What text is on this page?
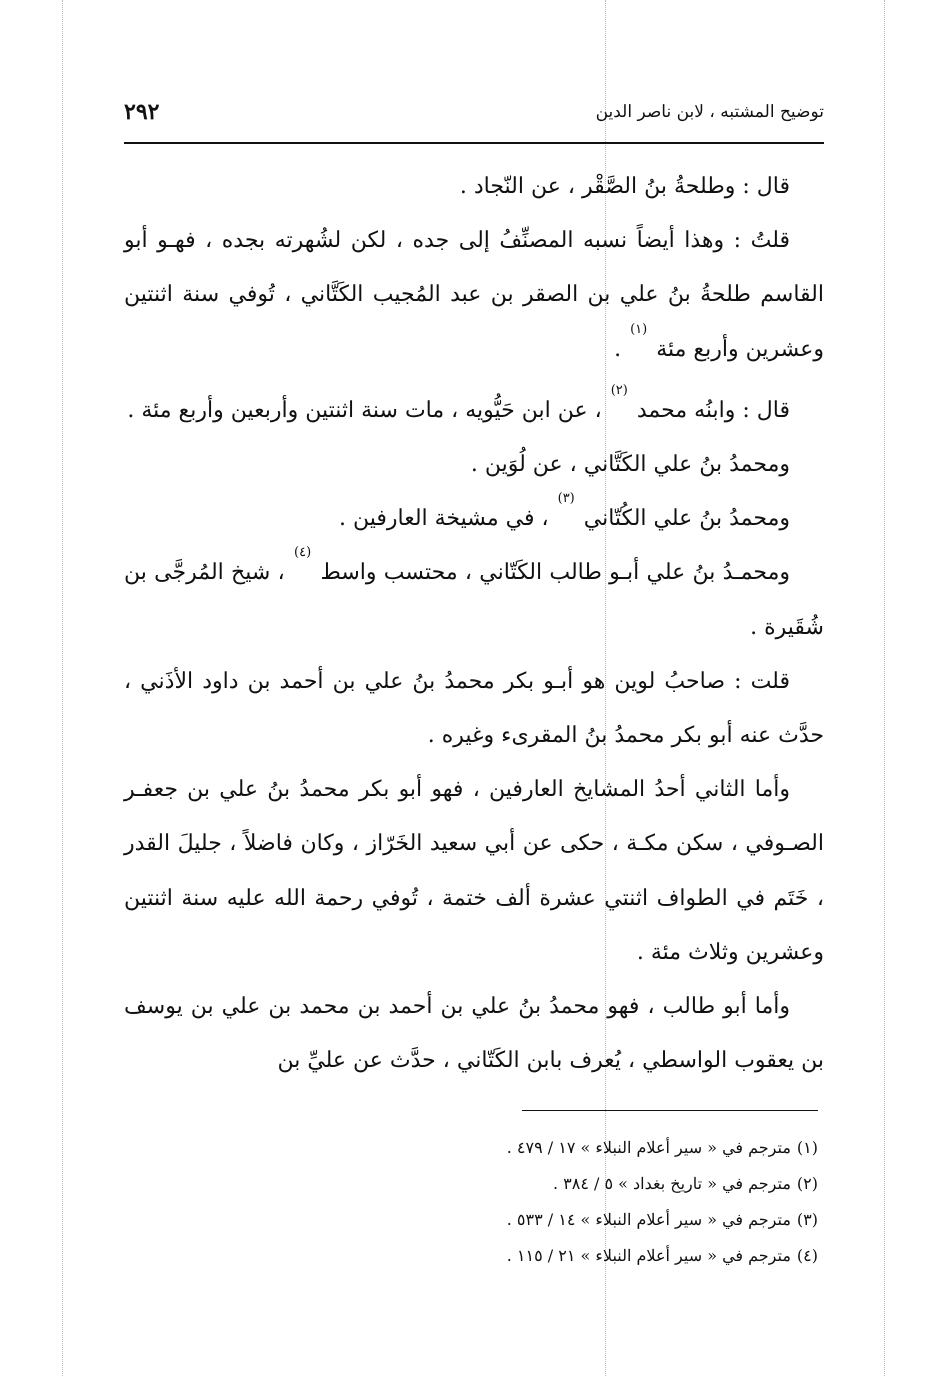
٢٩٢	توضيح المشتبه ، لابن ناصر الدين

قال : وطلحةُ بنُ الصَّقْر ، عن النّجاد .

قلتُ : وهذا أيضاً نسبه المصنِّفُ إلى جده ، لكن لشُهرته بجده ، فهـو أبو القاسم طلحةُ بنُ علي بن الصقر بن عبد المُجيب الكَتَّاني ، تُوفي سنة اثنتين وعشرين وأربع مئة $^{(١)}$ .

قال : وابنُه محمد $^{(٢)}$ ، عن ابن حَيُّويه ، مات سنة اثنتين وأربعين وأربع مئة .

ومحمدُ بنُ علي الكَتَّاني ، عن لُوَين .

ومحمدُ بنُ علي الكُتّاني $^{(٣)}$ ، في مشيخة العارفين .

ومحمـدُ بنُ علي أبـو طالب الكَتّاني ، محتسب واسط $^{(٤)}$ ، شيخ المُرجَّى بن شُقَيرة .

قلت : صاحبُ لوين هو أبـو بكر محمدُ بنُ علي بن أحمد بن داود الأذَني ، حدَّث عنه أبو بكر محمدُ بنُ المقرىء وغيره .

وأما الثاني أحدُ المشايخ العارفين ، فهو أبو بكر محمدُ بنُ علي بن جعفـر الصـوفي ، سكن مكـة ، حكى عن أبي سعيد الخَرّاز ، وكان فاضلاً ، جليلَ القدر ، خَتَم في الطواف اثنتي عشرة ألف ختمة ، تُوفي رحمة الله عليه سنة اثنتين وعشرين وثلاث مئة .

وأما أبو طالب ، فهو محمدُ بنُ علي بن أحمد بن محمد بن علي بن يوسف بن يعقوب الواسطي ، يُعرف بابن الكَتّاني ، حدَّث عن عليِّ بن

(١)مترجم في « سير أعلام النبلاء » ١٧ / ٤٧٩ .
(٢)مترجم في « تاريخ بغداد » ٥ / ٣٨٤ .
(٣)مترجم في « سير أعلام النبلاء » ١٤ / ٥٣٣ .
(٤)مترجم في « سير أعلام النبلاء » ٢١ / ١١٥ .
